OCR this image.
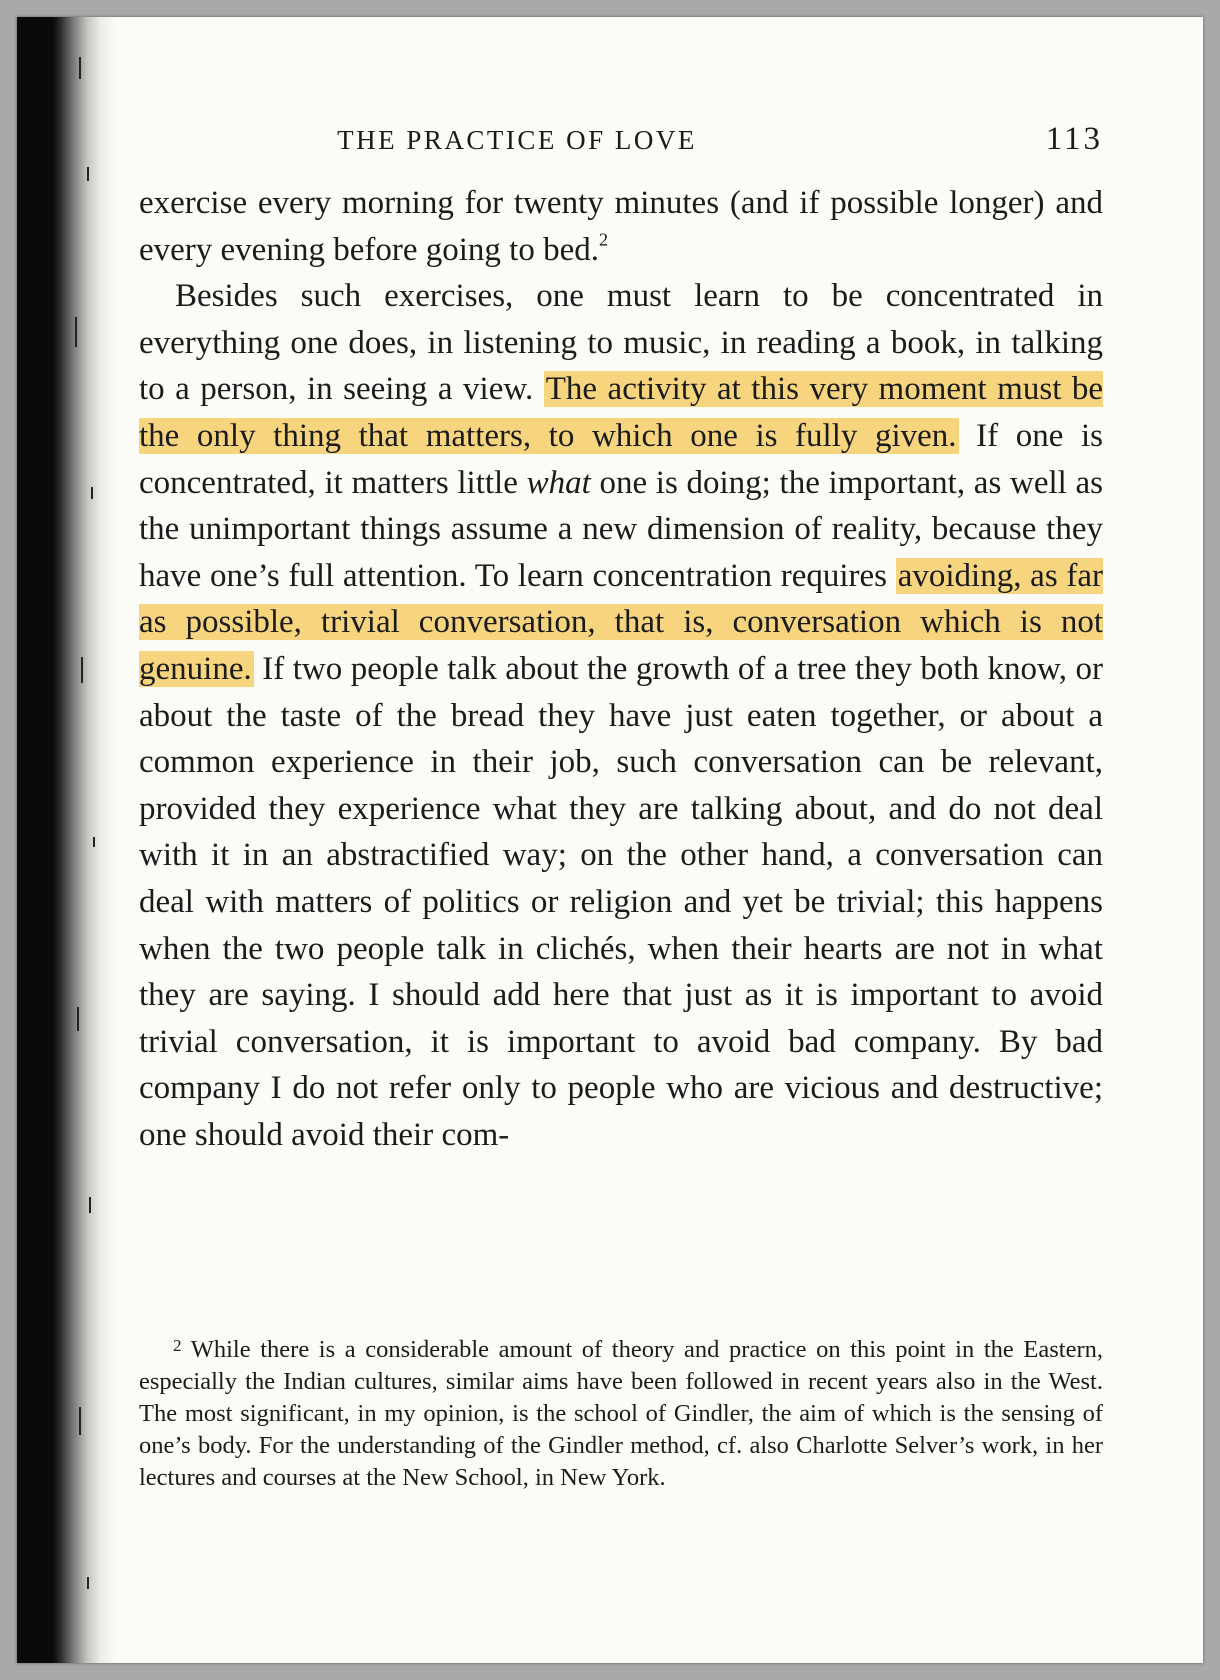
THE PRACTICE OF LOVE	113

exercise every morning for twenty minutes (and if possible longer) and every evening before going to bed.$^2$

Besides such exercises, one must learn to be concentrated in everything one does, in listening to music, in reading a book, in talking to a person, in seeing a view. The activity at this very moment must be the only thing that matters, to which one is fully given. If one is concentrated, it matters little what one is doing; the important, as well as the unimportant things assume a new dimension of reality, because they have one’s full attention. To learn concentration requires avoiding, as far as possible, trivial conversation, that is, conversation which is not genuine. If two people talk about the growth of a tree they both know, or about the taste of the bread they have just eaten together, or about a common experience in their job, such conversation can be relevant, provided they experience what they are talking about, and do not deal with it in an abstractified way; on the other hand, a conversation can deal with matters of politics or religion and yet be trivial; this happens when the two people talk in clichés, when their hearts are not in what they are saying. I should add here that just as it is important to avoid trivial conversation, it is important to avoid bad company. By bad company I do not refer only to people who are vicious and destructive; one should avoid their com-

$^2$ While there is a considerable amount of theory and practice on this point in the Eastern, especially the Indian cultures, similar aims have been followed in recent years also in the West. The most significant, in my opinion, is the school of Gindler, the aim of which is the sensing of one’s body. For the understanding of the Gindler method, cf. also Charlotte Selver’s work, in her lectures and courses at the New School, in New York.
